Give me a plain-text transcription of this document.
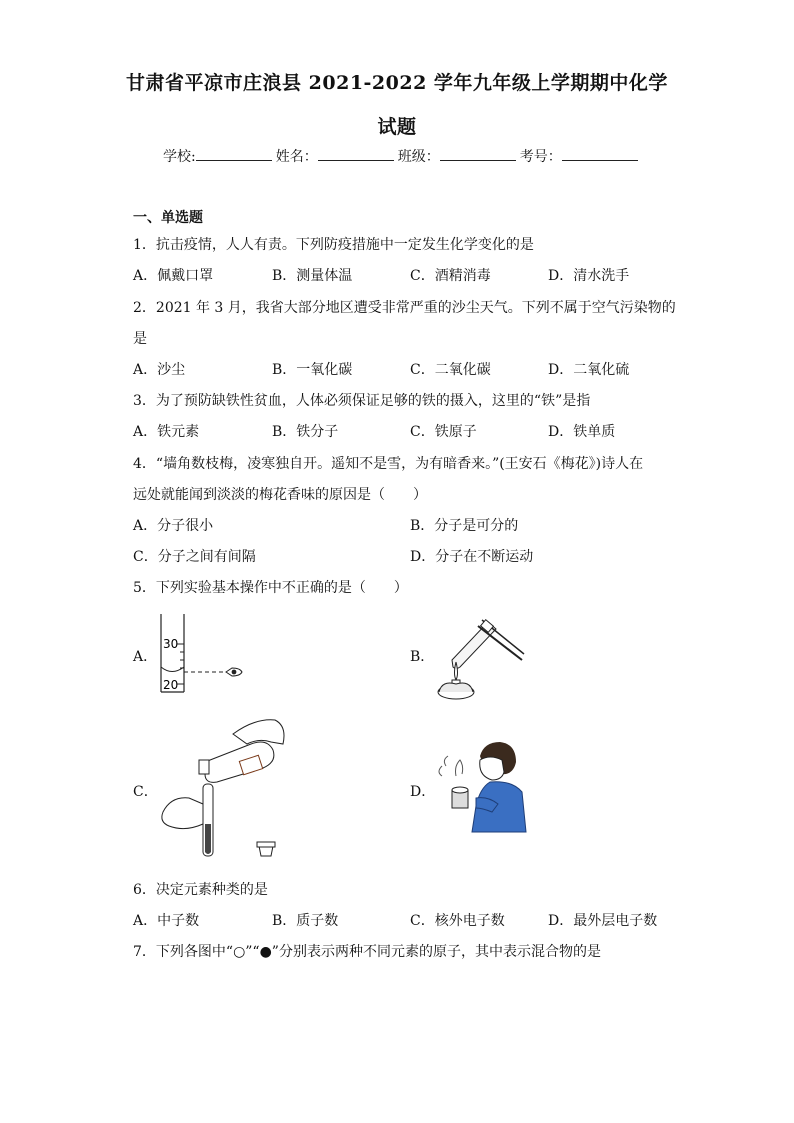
甘肃省平凉市庄浪县 2021-2022 学年九年级上学期期中化学
试题
学校:	姓名：	班级：	考号：
一、单选题
1．抗击疫情，人人有责。下列防疫措施中一定发生化学变化的是
A．佩戴口罩	B．测量体温	C．酒精消毒	D．清水洗手
2．2021 年 3 月，我省大部分地区遭受非常严重的沙尘天气。下列不属于空气污染物的
是
A．沙尘	B．一氧化碳	C．二氧化碳	D．二氧化硫
3．为了预防缺铁性贫血，人体必须保证足够的铁的摄入，这里的“铁”是指
A．铁元素	B．铁分子	C．铁原子	D．铁单质
4．“墙角数枝梅，凌寒独自开。遥知不是雪，为有暗香来。”(王安石《梅花》)诗人在
远处就能闻到淡淡的梅花香味的原因是（　　）
A．分子很小	B．分子是可分的
C．分子之间有间隔	D．分子在不断运动
5．下列实验基本操作中不正确的是（　　）
A．
30
20
B．
C．	D．
6．决定元素种类的是
A．中子数	B．质子数	C．核外电子数	D．最外层电子数
7．下列各图中“○”“●”分别表示两种不同元素的原子，其中表示混合物的是
